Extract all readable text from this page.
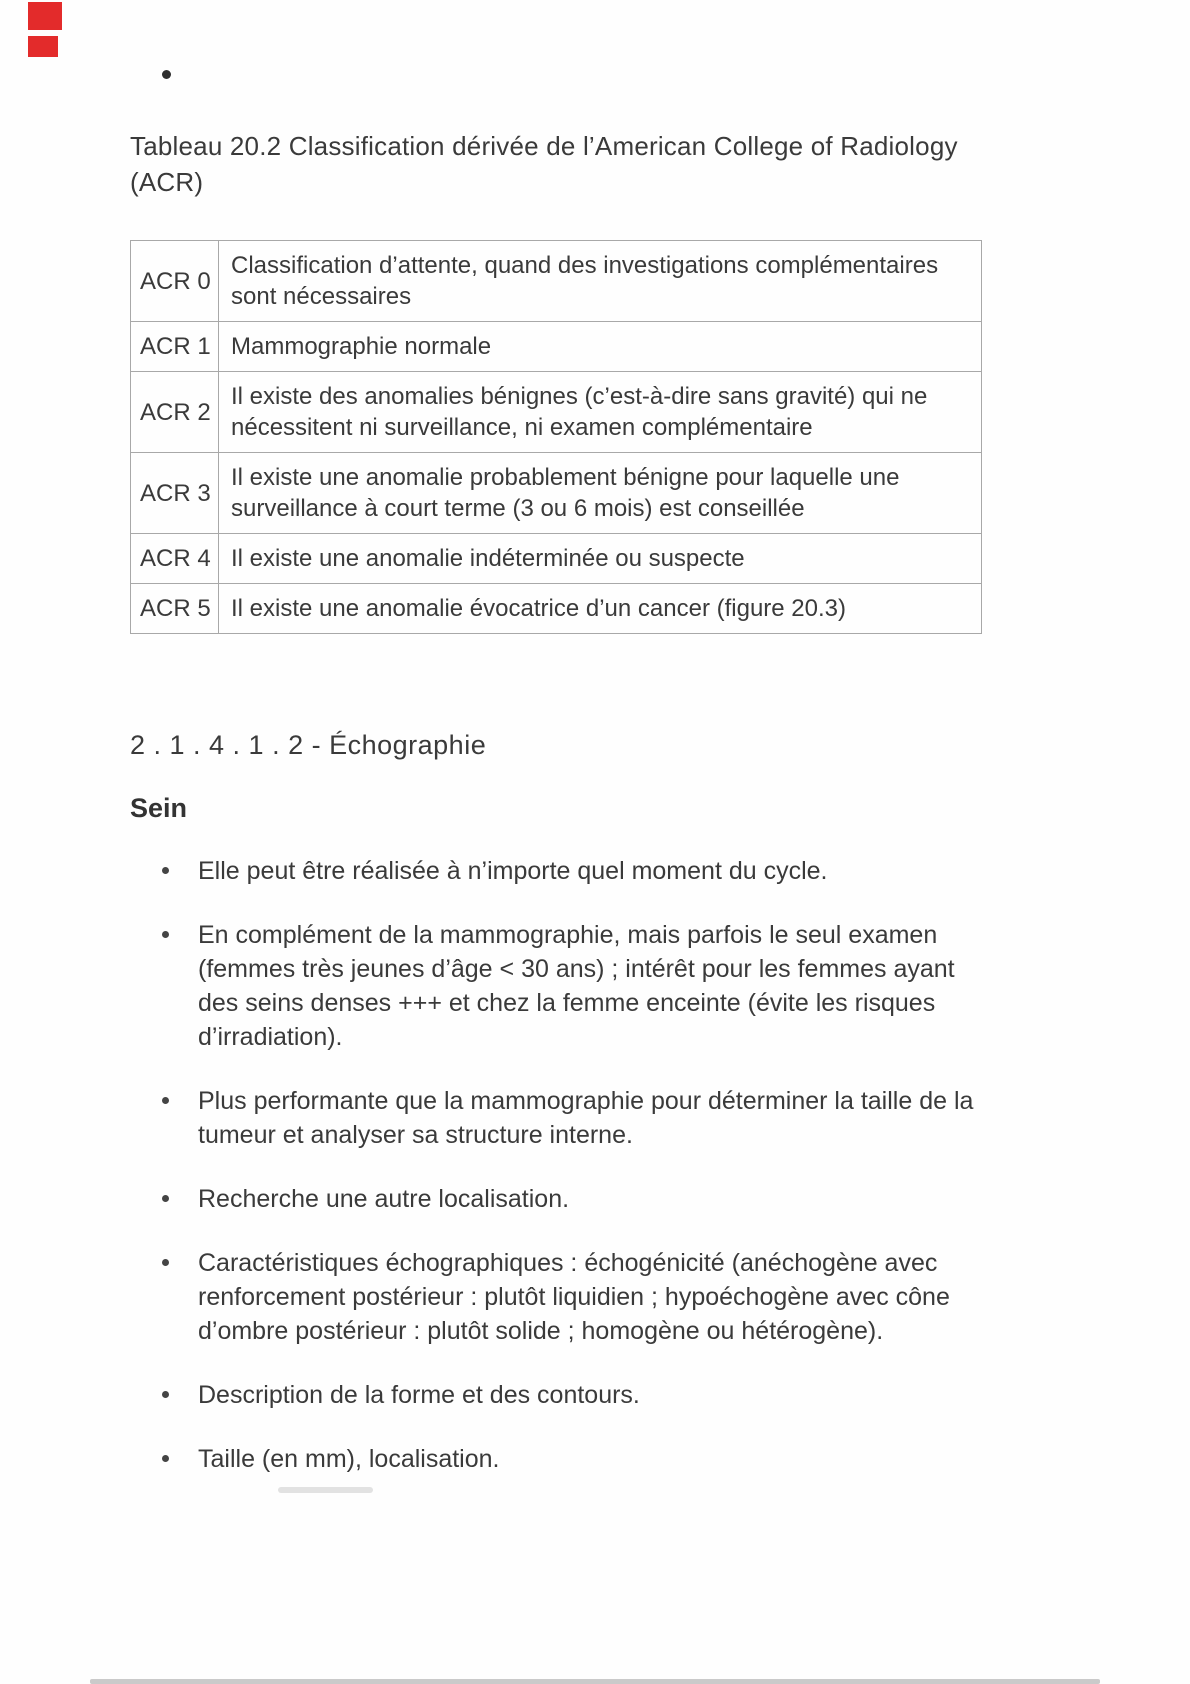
Tableau 20.2 Classification dérivée de l’American College of Radiology
(ACR)
ACR 0	Classification d’attente, quand des investigations complémentaires sont nécessaires
ACR 1	Mammographie normale
ACR 2	Il existe des anomalies bénignes (c’est-à-dire sans gravité) qui ne nécessitent ni surveillance, ni examen complémentaire
ACR 3	Il existe une anomalie probablement bénigne pour laquelle une surveillance à court terme (3 ou 6 mois) est conseillée
ACR 4	Il existe une anomalie indéterminée ou suspecte
ACR 5	Il existe une anomalie évocatrice d’un cancer (figure 20.3)
2 . 1 . 4 . 1 . 2 - Échographie
Sein
Elle peut être réalisée à n’importe quel moment du cycle.
En complément de la mammographie, mais parfois le seul examen (femmes très jeunes d’âge < 30 ans) ; intérêt pour les femmes ayant des seins denses +++ et chez la femme enceinte (évite les risques d’irradiation).
Plus performante que la mammographie pour déterminer la taille de la tumeur et analyser sa structure interne.
Recherche une autre localisation.
Caractéristiques échographiques : échogénicité (anéchogène avec renforcement postérieur : plutôt liquidien ; hypoéchogène avec cône d’ombre postérieur : plutôt solide ; homogène ou hétérogène).
Description de la forme et des contours.
Taille (en mm), localisation.
